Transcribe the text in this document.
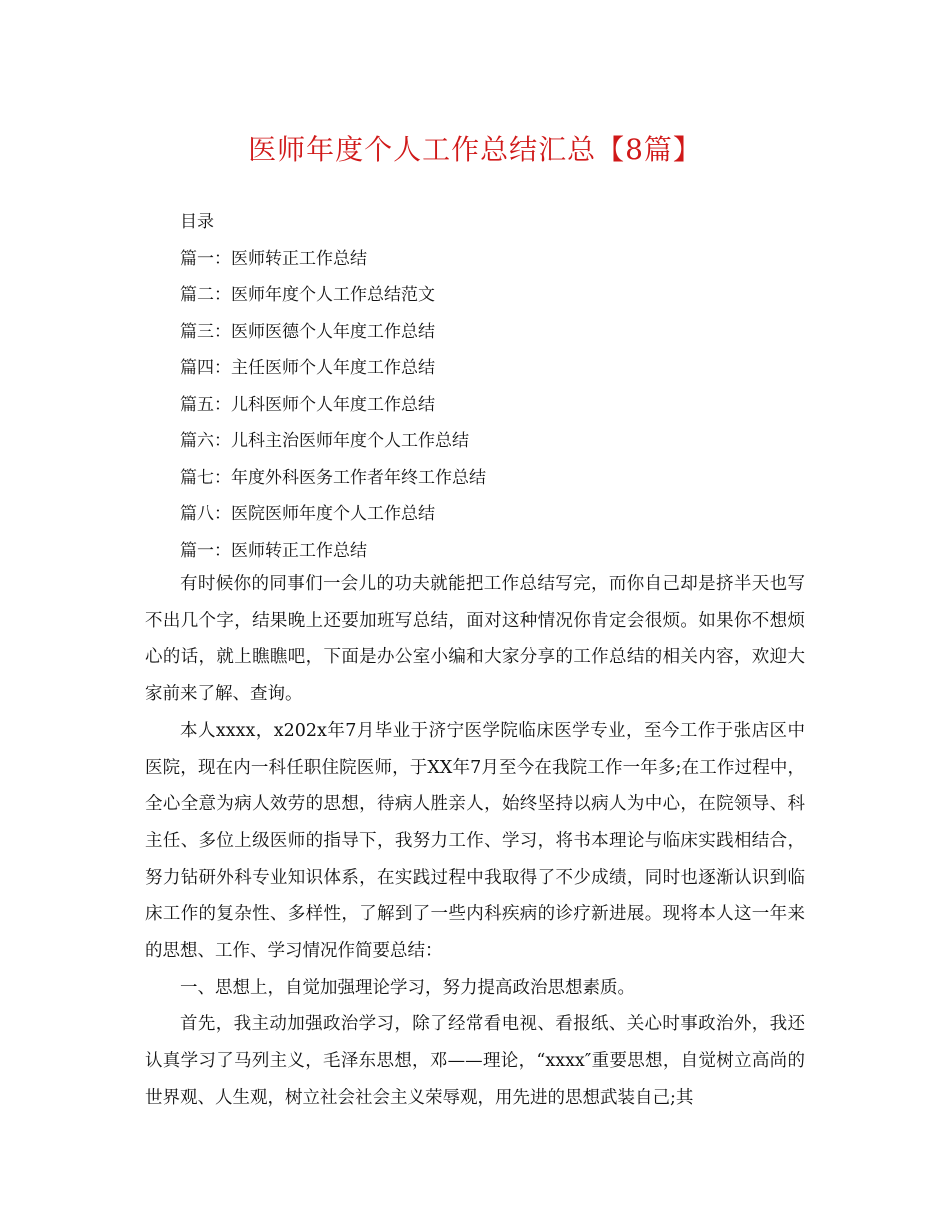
医师年度个人工作总结汇总【8篇】
目录
篇一：医师转正工作总结
篇二：医师年度个人工作总结范文
篇三：医师医德个人年度工作总结
篇四：主任医师个人年度工作总结
篇五：儿科医师个人年度工作总结
篇六：儿科主治医师年度个人工作总结
篇七：年度外科医务工作者年终工作总结
篇八：医院医师年度个人工作总结
篇一：医师转正工作总结

有时候你的同事们一会儿的功夫就能把工作总结写完，而你自己却是挤半天也写不出几个字，结果晚上还要加班写总结，面对这种情况你肯定会很烦。如果你不想烦心的话，就上瞧瞧吧，下面是办公室小编和大家分享的工作总结的相关内容，欢迎大家前来了解、查询。

本人xxxx，x202x年7月毕业于济宁医学院临床医学专业，至今工作于张店区中医院，现在内一科任职住院医师，于XX年7月至今在我院工作一年多;在工作过程中，全心全意为病人效劳的思想，待病人胜亲人，始终坚持以病人为中心，在院领导、科主任、多位上级医师的指导下，我努力工作、学习，将书本理论与临床实践相结合，努力钻研外科专业知识体系，在实践过程中我取得了不少成绩，同时也逐渐认识到临床工作的复杂性、多样性，了解到了一些内科疾病的诊疗新进展。现将本人这一年来的思想、工作、学习情况作简要总结：

一、思想上，自觉加强理论学习，努力提高政治思想素质。

首先，我主动加强政治学习，除了经常看电视、看报纸、关心时事政治外，我还认真学习了马列主义，毛泽东思想，邓——理论，“xxxx″重要思想，自觉树立高尚的世界观、人生观，树立社会社会主义荣辱观，用先进的思想武装自己;其
